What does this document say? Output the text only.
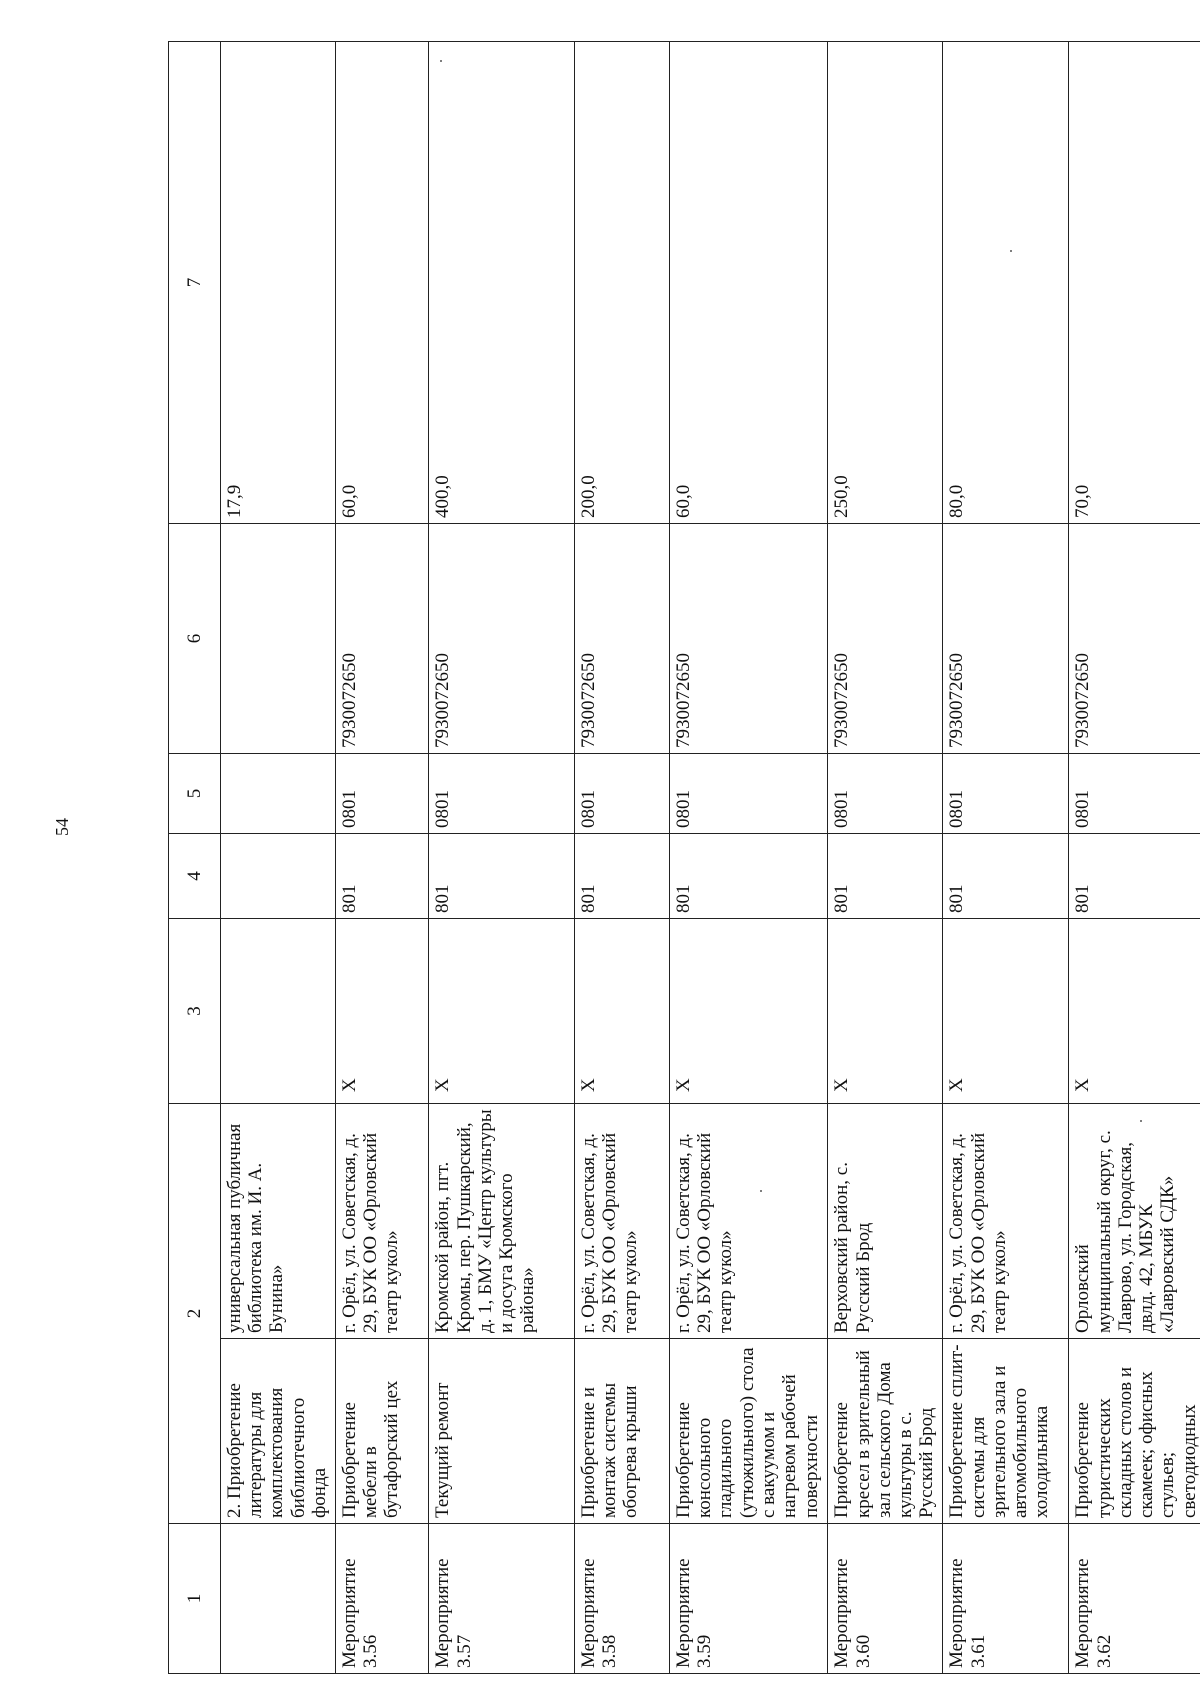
54
1	2		3	4	5	6	7

	2. Приобретение литературы для комплектования библиотечного фонда	универсальная публичная библиотека им. И. А. Бунина»					17,9

Мероприятие 3.56	Приобретение мебели в бутафорский цех	г. Орёл, ул. Советская, д. 29, БУК ОО «Орловский театр кукол»	X	801	0801	7930072650	60,0

Мероприятие 3.57	Текущий ремонт	Кромской район, пгт. Кромы, пер. Пушкарский, д. 1, БМУ «Центр культуры и досуга Кромского района»	X	801	0801	7930072650	400,0

Мероприятие 3.58	Приобретение и монтаж системы обогрева крыши	г. Орёл, ул. Советская, д. 29, БУК ОО «Орловский театр кукол»	X	801	0801	7930072650	200,0

Мероприятие 3.59	Приобретение консольного гладильного (утюжильного) стола с вакуумом и нагревом рабочей поверхности	г. Орёл, ул. Советская, д. 29, БУК ОО «Орловский театр кукол»	X	801	0801	7930072650	60,0

Мероприятие 3.60	Приобретение кресел в зрительный зал сельского Дома культуры в с. Русский Брод	Верховский район, с. Русский Брод	X	801	0801	7930072650	250,0

Мероприятие 3.61	Приобретение сплит-системы для зрительного зала и автомобильного холодильника	г. Орёл, ул. Советская, д. 29, БУК ОО «Орловский театр кукол»	X	801	0801	7930072650	80,0

Мероприятие 3.62	Приобретение туристических складных столов и скамеек; офисных стульев; светодиодных	Орловский муниципальный округ, с. Лаврово, ул. Городская, двлд. 42, МБУК «Лавровский СДК»	X	801	0801	7930072650	70,0
